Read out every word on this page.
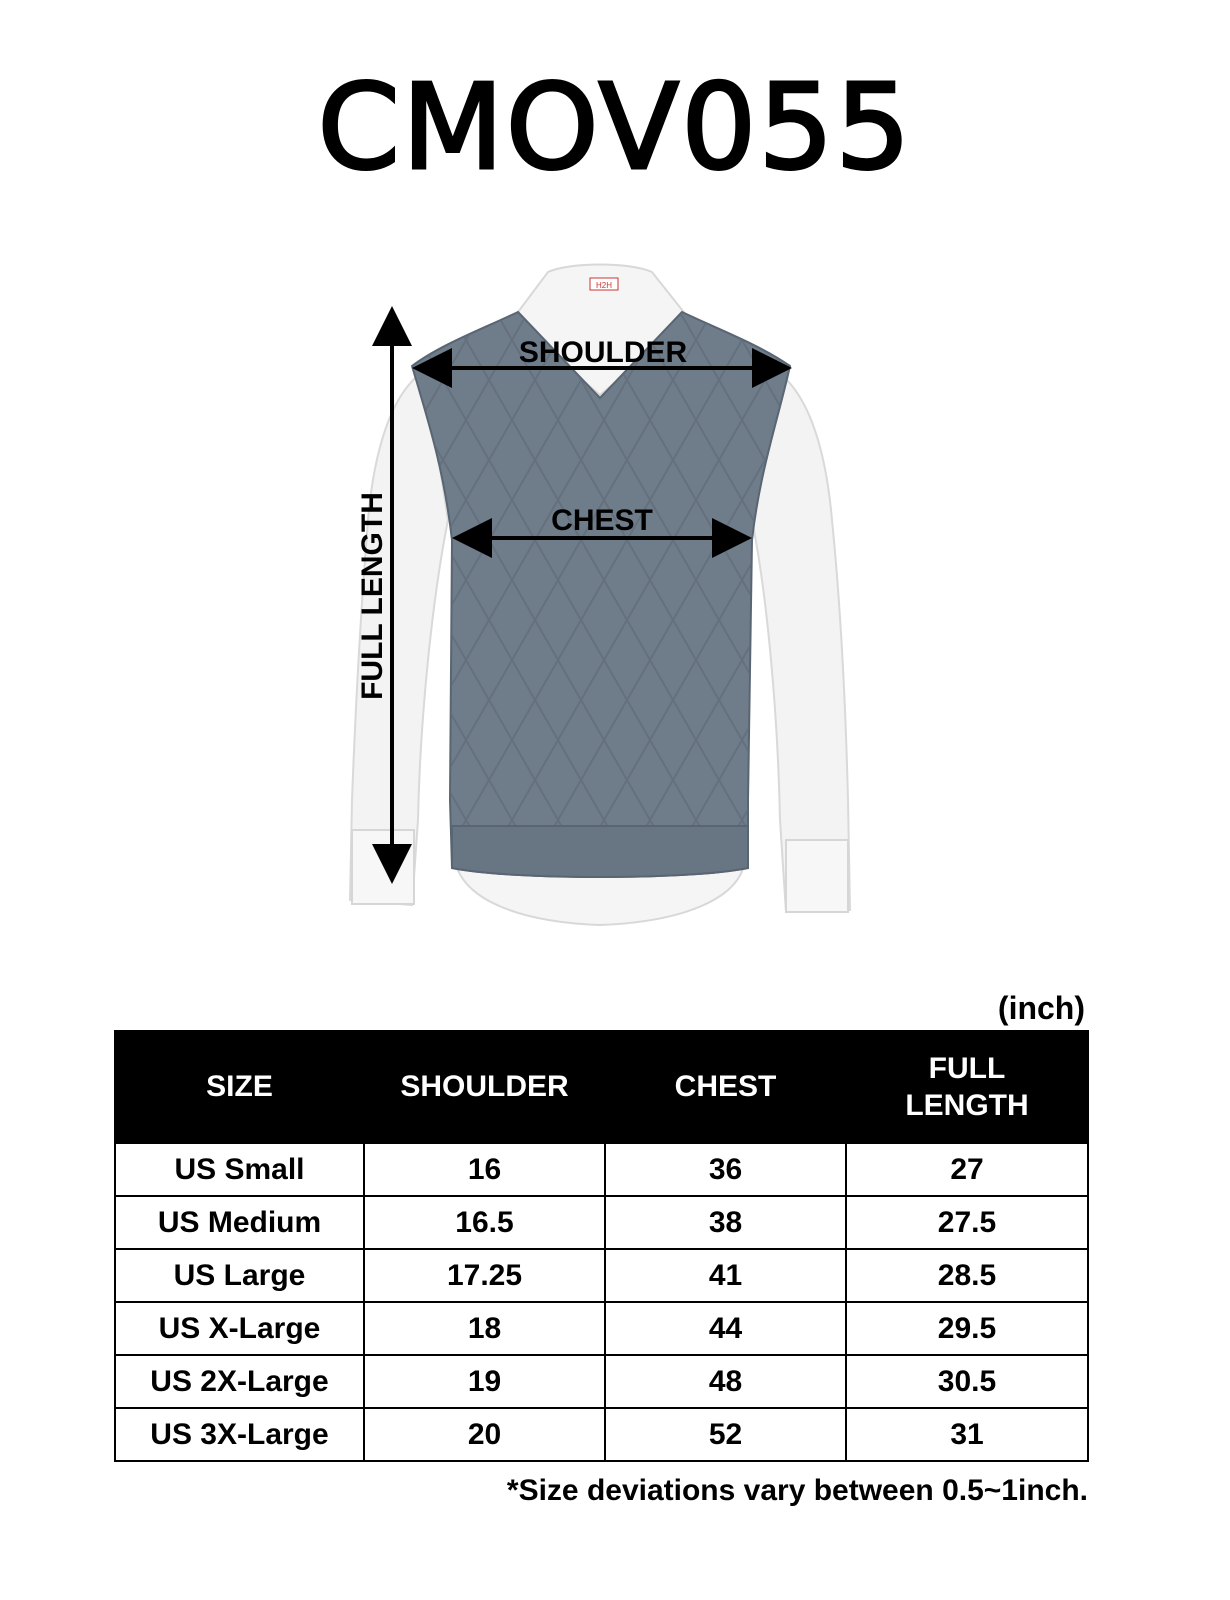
CMOV055
H2H
SHOULDER
CHEST
FULL LENGTH
(inch)
SIZE	SHOULDER	CHEST	FULL
LENGTH
US Small	16	36	27
US Medium	16.5	38	27.5
US Large	17.25	41	28.5
US X-Large	18	44	29.5
US 2X-Large	19	48	30.5
US 3X-Large	20	52	31
*Size deviations vary between 0.5~1inch.
